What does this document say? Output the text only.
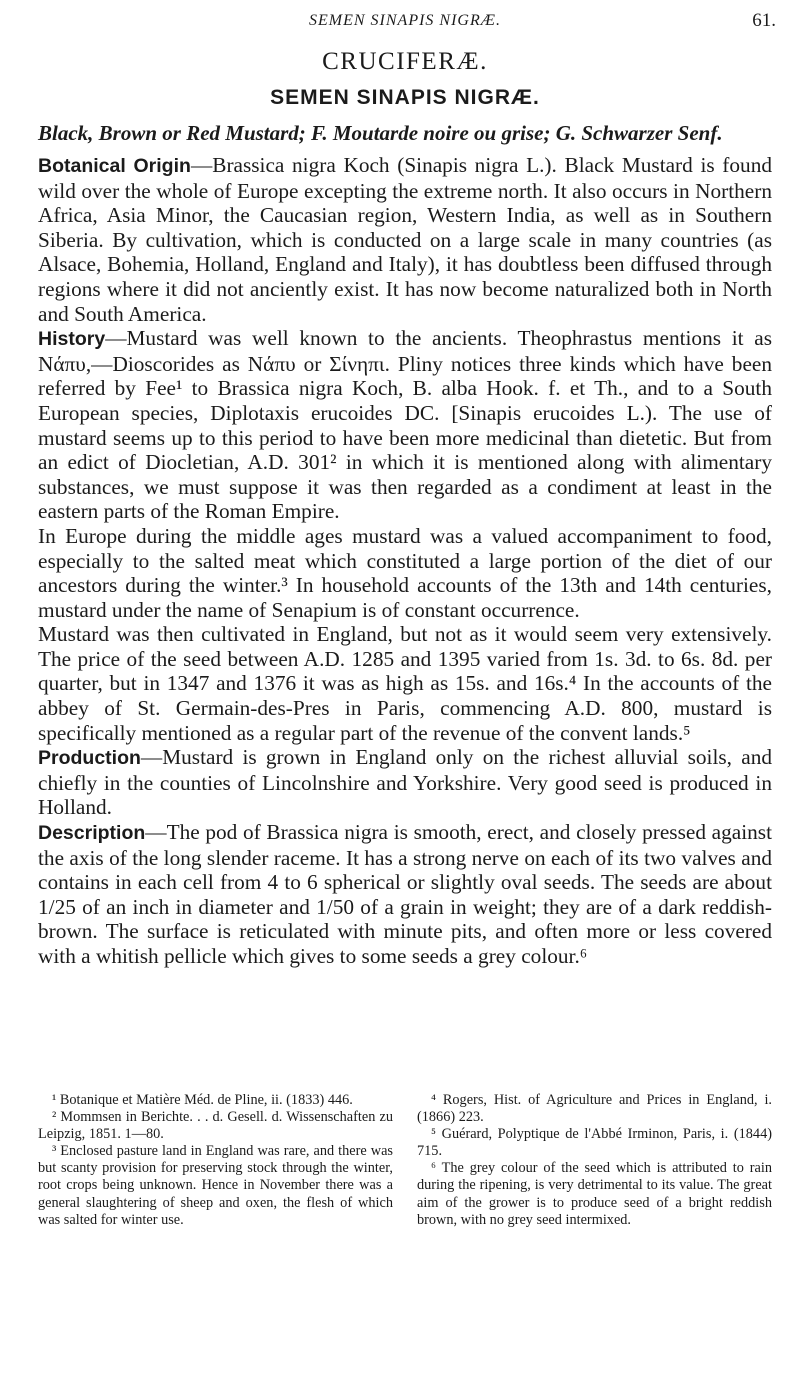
SEMEN SINAPIS NIGRÆ.	61.
CRUCIFERÆ.
SEMEN SINAPIS NIGRÆ.
Black, Brown or Red Mustard; F. Moutarde noire ou grise; G. Schwarzer Senf.

Botanical Origin—Brassica nigra Koch (Sinapis nigra L.). Black Mustard is found wild over the whole of Europe excepting the extreme north. It also occurs in Northern Africa, Asia Minor, the Caucasian region, Western India, as well as in Southern Siberia. By cultivation, which is conducted on a large scale in many countries (as Alsace, Bohemia, Holland, England and Italy), it has doubtless been diffused through regions where it did not anciently exist. It has now become naturalized both in North and South America.

History—Mustard was well known to the ancients. Theophrastus mentions it as Νάπυ,—Dioscorides as Νάπυ or Σίνηπι. Pliny notices three kinds which have been referred by Fee¹ to Brassica nigra Koch, B. alba Hook. f. et Th., and to a South European species, Diplotaxis erucoides DC. [Sinapis erucoides L.). The use of mustard seems up to this period to have been more medicinal than dietetic. But from an edict of Diocletian, A.D. 301² in which it is mentioned along with alimentary substances, we must suppose it was then regarded as a condiment at least in the eastern parts of the Roman Empire.

In Europe during the middle ages mustard was a valued accompaniment to food, especially to the salted meat which constituted a large portion of the diet of our ancestors during the winter.³ In household accounts of the 13th and 14th centuries, mustard under the name of Senapium is of constant occurrence.

Mustard was then cultivated in England, but not as it would seem very extensively. The price of the seed between A.D. 1285 and 1395 varied from 1s. 3d. to 6s. 8d. per quarter, but in 1347 and 1376 it was as high as 15s. and 16s.⁴ In the accounts of the abbey of St. Germain-des-Pres in Paris, commencing A.D. 800, mustard is specifically mentioned as a regular part of the revenue of the convent lands.⁵

Production—Mustard is grown in England only on the richest alluvial soils, and chiefly in the counties of Lincolnshire and Yorkshire. Very good seed is produced in Holland.

Description—The pod of Brassica nigra is smooth, erect, and closely pressed against the axis of the long slender raceme. It has a strong nerve on each of its two valves and contains in each cell from 4 to 6 spherical or slightly oval seeds. The seeds are about 1/25 of an inch in diameter and 1/50 of a grain in weight; they are of a dark reddish-brown. The surface is reticulated with minute pits, and often more or less covered with a whitish pellicle which gives to some seeds a grey colour.⁶

¹ Botanique et Matière Méd. de Pline, ii. (1833) 446.

² Mommsen in Berichte. . . d. Gesell. d. Wissenschaften zu Leipzig, 1851. 1—80.

³ Enclosed pasture land in England was rare, and there was but scanty provision for preserving stock through the winter, root crops being unknown. Hence in November there was a general slaughtering of sheep and oxen, the flesh of which was salted for winter use.

⁴ Rogers, Hist. of Agriculture and Prices in England, i. (1866) 223.

⁵ Guérard, Polyptique de l'Abbé Irminon, Paris, i. (1844) 715.

⁶ The grey colour of the seed which is attributed to rain during the ripening, is very detrimental to its value. The great aim of the grower is to produce seed of a bright reddish brown, with no grey seed intermixed.
